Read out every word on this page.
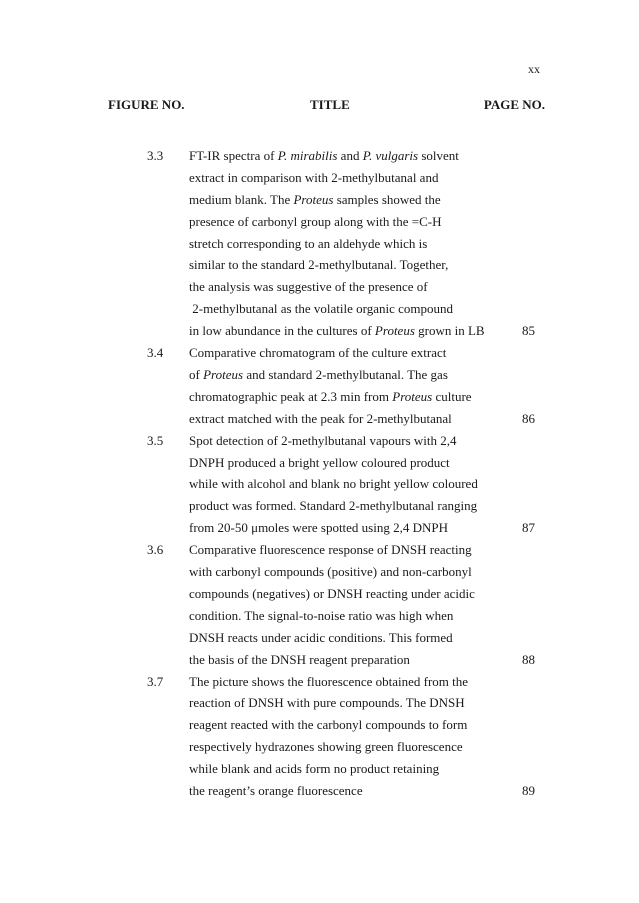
xx
FIGURE NO.	TITLE	PAGE NO.
3.3 FT-IR spectra of P. mirabilis and P. vulgaris solvent
extract in comparison with 2-methylbutanal and
medium blank. The Proteus samples showed the
presence of carbonyl group along with the =C-H
stretch corresponding to an aldehyde which is
similar to the standard 2-methylbutanal. Together,
the analysis was suggestive of the presence of
2-methylbutanal as the volatile organic compound
in low abundance in the cultures of Proteus grown in LB	85
3.4 Comparative chromatogram of the culture extract
of Proteus and standard 2-methylbutanal. The gas
chromatographic peak at 2.3 min from Proteus culture
extract matched with the peak for 2-methylbutanal	86
3.5 Spot detection of 2-methylbutanal vapours with 2,4
DNPH produced a bright yellow coloured product
while with alcohol and blank no bright yellow coloured
product was formed. Standard 2-methylbutanal ranging
from 20-50 μmoles were spotted using 2,4 DNPH	87
3.6 Comparative fluorescence response of DNSH reacting
with carbonyl compounds (positive) and non-carbonyl
compounds (negatives) or DNSH reacting under acidic
condition. The signal-to-noise ratio was high when
DNSH reacts under acidic conditions. This formed
the basis of the DNSH reagent preparation	88
3.7 The picture shows the fluorescence obtained from the
reaction of DNSH with pure compounds. The DNSH
reagent reacted with the carbonyl compounds to form
respectively hydrazones showing green fluorescence
while blank and acids form no product retaining
the reagent’s orange fluorescence	89
